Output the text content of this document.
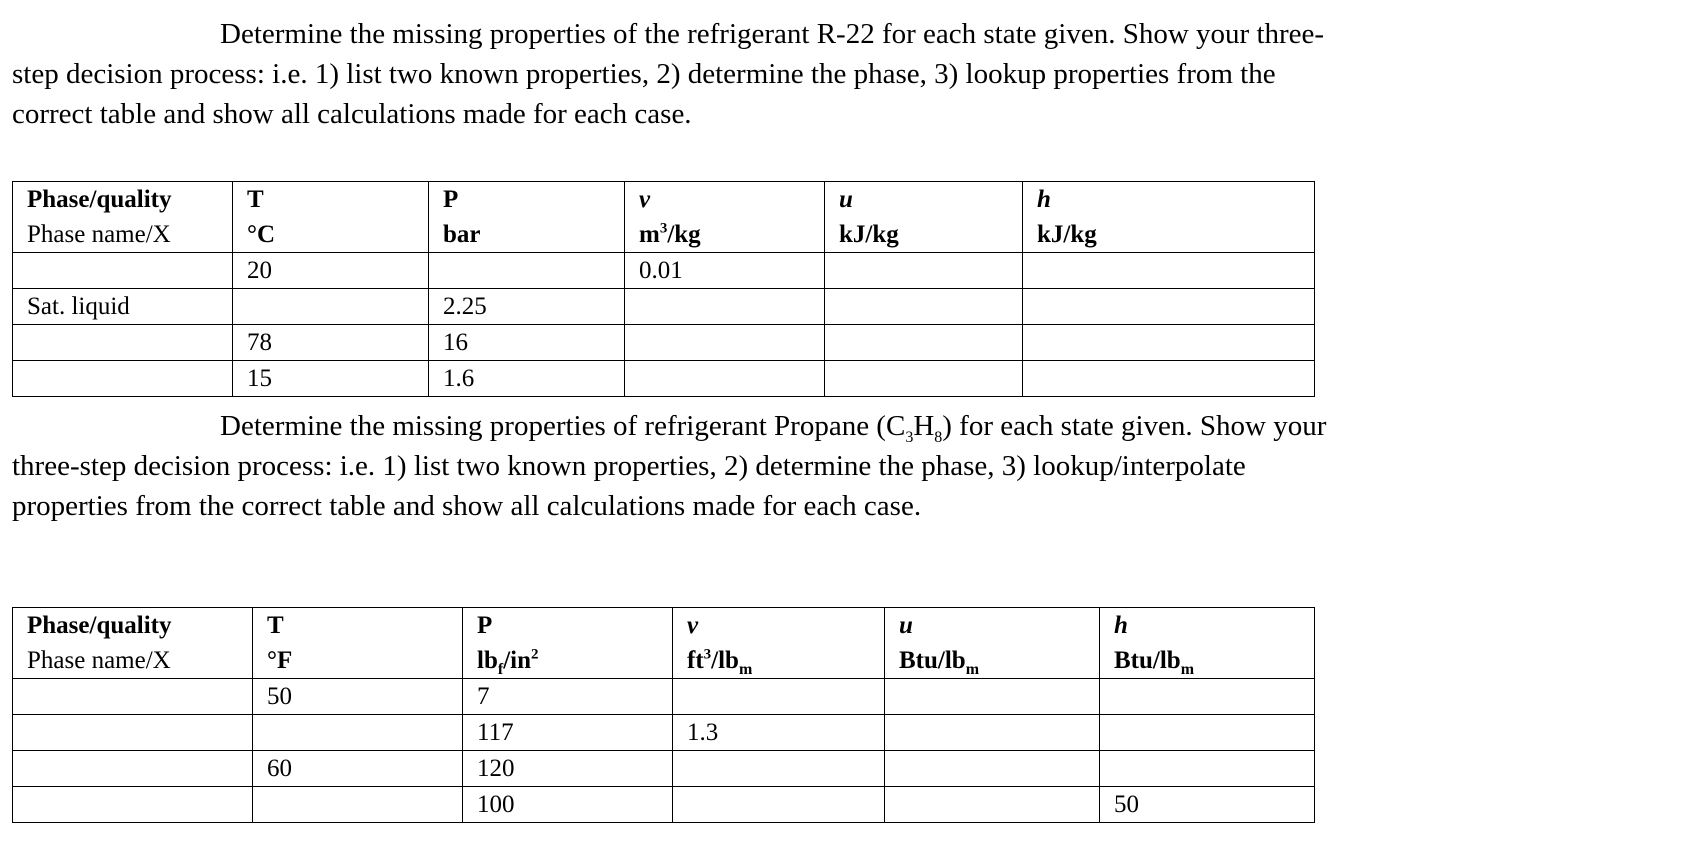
Determine the missing properties of the refrigerant R-22 for each state given. Show your three-
step decision process: i.e. 1) list two known properties, 2) determine the phase, 3) lookup properties from the
correct table and show all calculations made for each case.

Phase/quality	T	P	v	u	h
Phase name/X	°C	bar	$m^3/kg$	kJ/kg	kJ/kg
	20		0.01		
Sat. liquid		2.25			
	78	16			
	15	1.6			

Determine the missing properties of refrigerant Propane $(C_3H_8)$ for each state given. Show your
three-step decision process: i.e. 1) list two known properties, 2) determine the phase, 3) lookup/interpolate
properties from the correct table and show all calculations made for each case.

Phase/quality	T	P	v	u	h
Phase name/X	°F	$lb_f/in^2$	$ft^3/lb_m$	Btu/$lb_m$	Btu/$lb_m$
	50	7			
		117	1.3		
	60	120			
		100			50
